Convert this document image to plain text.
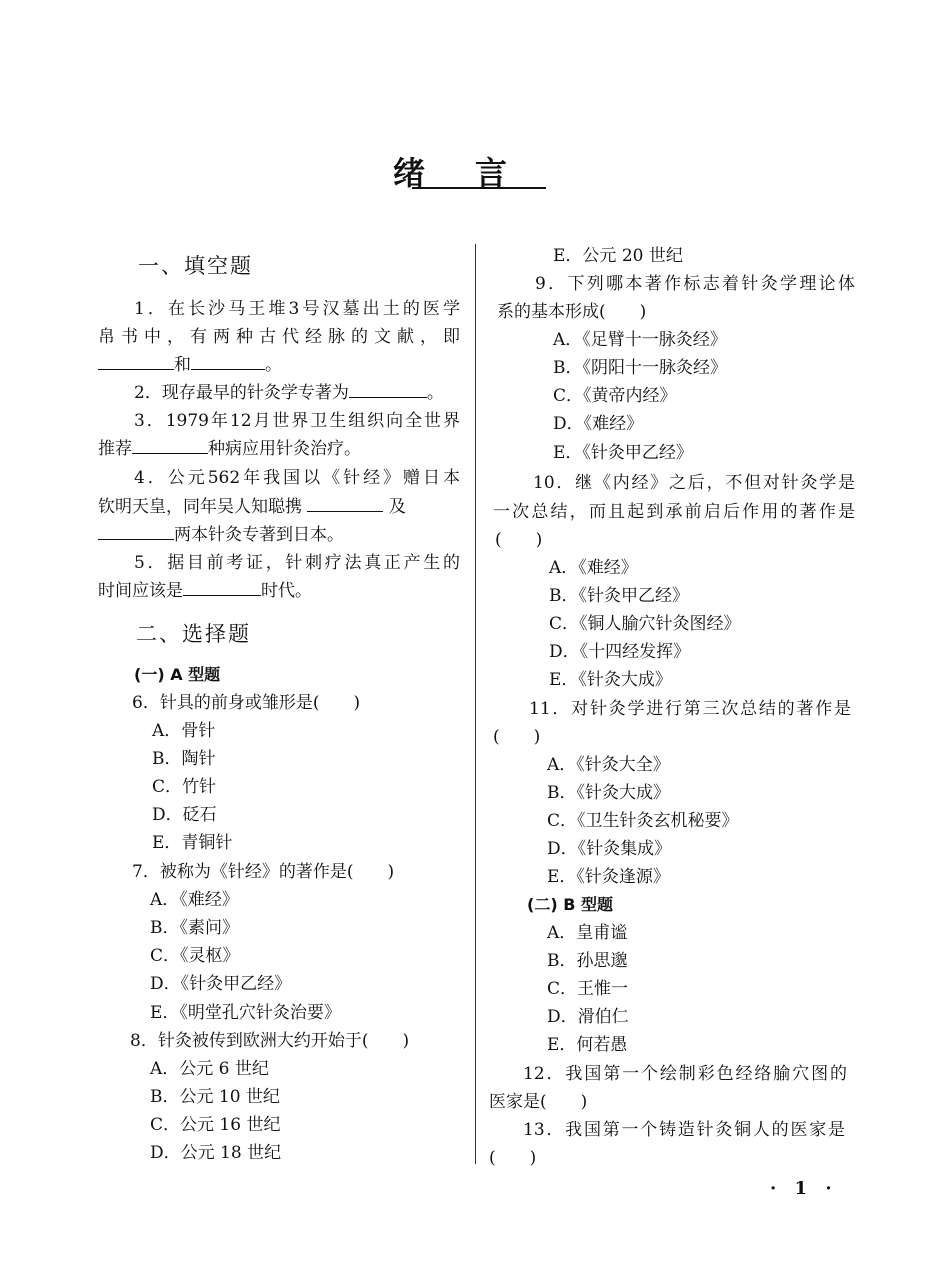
绪言
一、填空题
1．在长沙马王堆3号汉墓出土的医学
帛书中，有两种古代经脉的文献，即
和	。
2．现存最早的针灸学专著为	。
3．1979年12月世界卫生组织向全世界
推荐	种病应用针灸治疗。
4．公元562年我国以《针经》赠日本
钦明天皇，同年吴人知聪携	及
两本针灸专著到日本。
5．据目前考证，针刺疗法真正产生的
时间应该是	时代。
二、选择题
(一) A 型题
6．针具的前身或雏形是(　　)
A．骨针
B．陶针
C．竹针
D．砭石
E．青铜针
7．被称为《针经》的著作是(　　)
A．《难经》
B．《素问》
C．《灵枢》
D．《针灸甲乙经》
E．《明堂孔穴针灸治要》
8．针灸被传到欧洲大约开始于(　　)
A．公元 6 世纪
B．公元 10 世纪
C．公元 16 世纪
D．公元 18 世纪
E．公元 20 世纪
9．下列哪本著作标志着针灸学理论体
系的基本形成(　　)
A．《足臂十一脉灸经》
B．《阴阳十一脉灸经》
C．《黄帝内经》
D．《难经》
E．《针灸甲乙经》
10．继《内经》之后，不但对针灸学是
一次总结，而且起到承前启后作用的著作是
(　　)
A．《难经》
B．《针灸甲乙经》
C．《铜人腧穴针灸图经》
D．《十四经发挥》
E．《针灸大成》
11．对针灸学进行第三次总结的著作是
(　　)
A．《针灸大全》
B．《针灸大成》
C．《卫生针灸玄机秘要》
D．《针灸集成》
E．《针灸逢源》
(二) B 型题
A．皇甫谧
B．孙思邈
C．王惟一
D．滑伯仁
E．何若愚
12．我国第一个绘制彩色经络腧穴图的
医家是(　　)
13．我国第一个铸造针灸铜人的医家是
(　　)
· 1 ·
